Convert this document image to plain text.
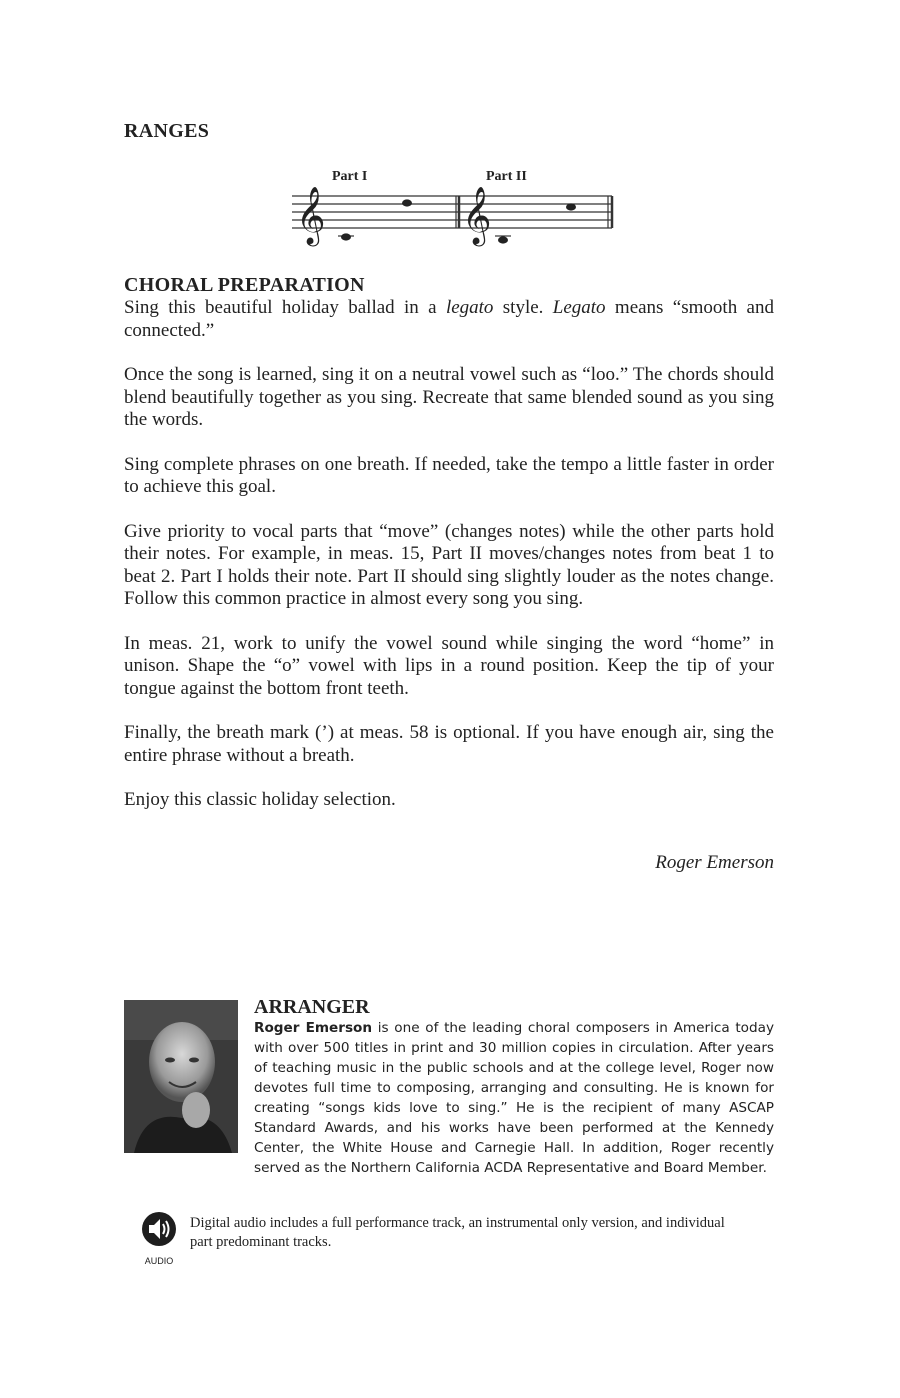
RANGES
Part I	Part II
𝄞	𝄞
CHORAL PREPARATION

Sing this beautiful holiday ballad in a legato style. Legato means “smooth and connected.”

Once the song is learned, sing it on a neutral vowel such as “loo.” The chords should blend beautifully together as you sing. Recreate that same blended sound as you sing the words.

Sing complete phrases on one breath. If needed, take the tempo a little faster in order to achieve this goal.

Give priority to vocal parts that “move” (changes notes) while the other parts hold their notes. For example, in meas. 15, Part II moves/changes notes from beat 1 to beat 2. Part I holds their note. Part II should sing slightly louder as the notes change. Follow this common practice in almost every song you sing.

In meas. 21, work to unify the vowel sound while singing the word “home” in unison. Shape the “o” vowel with lips in a round position. Keep the tip of your tongue against the bottom front teeth.

Finally, the breath mark (’) at meas. 58 is optional. If you have enough air, sing the entire phrase without a breath.

Enjoy this classic holiday selection.

Roger Emerson
ARRANGER
Roger Emerson is one of the leading choral composers in America today with over 500 titles in print and 30 million copies in circulation. After years of teaching music in the public schools and at the college level, Roger now devotes full time to composing, arranging and consulting. He is known for creating “songs kids love to sing.” He is the recipient of many ASCAP Standard Awards, and his works have been performed at the Kennedy Center, the White House and Carnegie Hall. In addition, Roger recently served as the Northern California ACDA Representative and Board Member.
AUDIO
Digital audio includes a full performance track, an instrumental only version, and individual part predominant tracks.
